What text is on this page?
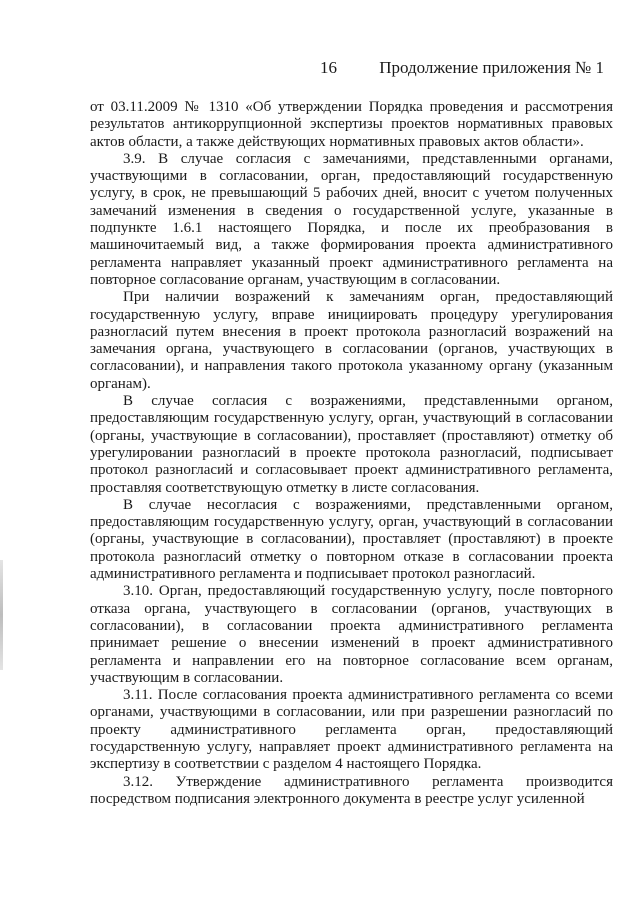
16 Продолжение приложения № 1

от 03.11.2009 № 1310 «Об утверждении Порядка проведения и рассмотрения результатов антикоррупционной экспертизы проектов нормативных правовых актов области, а также действующих нормативных правовых актов области».

3.9. В случае согласия с замечаниями, представленными органами, участвующими в согласовании, орган, предоставляющий государственную услугу, в срок, не превышающий 5 рабочих дней, вносит с учетом полученных замечаний изменения в сведения о государственной услуге, указанные в подпункте 1.6.1 настоящего Порядка, и после их преобразования в машиночитаемый вид, а также формирования проекта административного регламента направляет указанный проект административного регламента на повторное согласование органам, участвующим в согласовании.

При наличии возражений к замечаниям орган, предоставляющий государственную услугу, вправе инициировать процедуру урегулирования разногласий путем внесения в проект протокола разногласий возражений на замечания органа, участвующего в согласовании (органов, участвующих в согласовании), и направления такого протокола указанному органу (указанным органам).

В случае согласия с возражениями, представленными органом, предоставляющим государственную услугу, орган, участвующий в согласовании (органы, участвующие в согласовании), проставляет (проставляют) отметку об урегулировании разногласий в проекте протокола разногласий, подписывает протокол разногласий и согласовывает проект административного регламента, проставляя соответствующую отметку в листе согласования.

В случае несогласия с возражениями, представленными органом, предоставляющим государственную услугу, орган, участвующий в согласовании (органы, участвующие в согласовании), проставляет (проставляют) в проекте протокола разногласий отметку о повторном отказе в согласовании проекта административного регламента и подписывает протокол разногласий.

3.10. Орган, предоставляющий государственную услугу, после повторного отказа органа, участвующего в согласовании (органов, участвующих в согласовании), в согласовании проекта административного регламента принимает решение о внесении изменений в проект административного регламента и направлении его на повторное согласование всем органам, участвующим в согласовании.

3.11. После согласования проекта административного регламента со всеми органами, участвующими в согласовании, или при разрешении разногласий по проекту административного регламента орган, предоставляющий государственную услугу, направляет проект административного регламента на экспертизу в соответствии с разделом 4 настоящего Порядка.

3.12. Утверждение административного регламента производится посредством подписания электронного документа в реестре услуг усиленной
